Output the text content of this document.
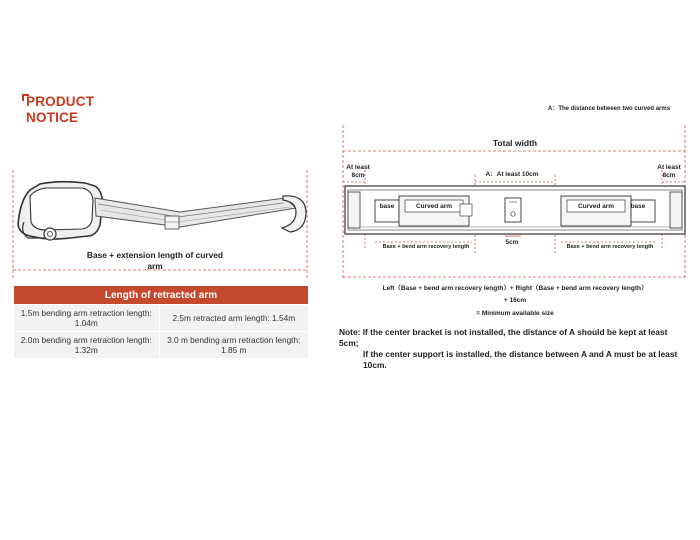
PRODUCT
NOTICE
Base + extension length of curved arm
Length of retracted arm	
1.5m bending arm retraction length: 1.04m	2.5m retracted arm length: 1.54m
2.0m bending arm retraction length: 1.32m	3.0 m bending arm retraction length: 1.85 m
A：The distance between two curved arms
Total width
At least 8cm
At least 8cm
A：At least 10cm
base	Curved arm	Curved arm	base
Base + bend arm recovery length	Base + bend arm recovery length
5cm
Left（Base + bend arm recovery length）+ Right（Base + bend arm recovery length）
+ 16cm
= Minimum available size
Note: If the center bracket is not installed, the distance of A should be kept at least 5cm;
If the center support is installed, the distance between A and A must be at least 10cm.
